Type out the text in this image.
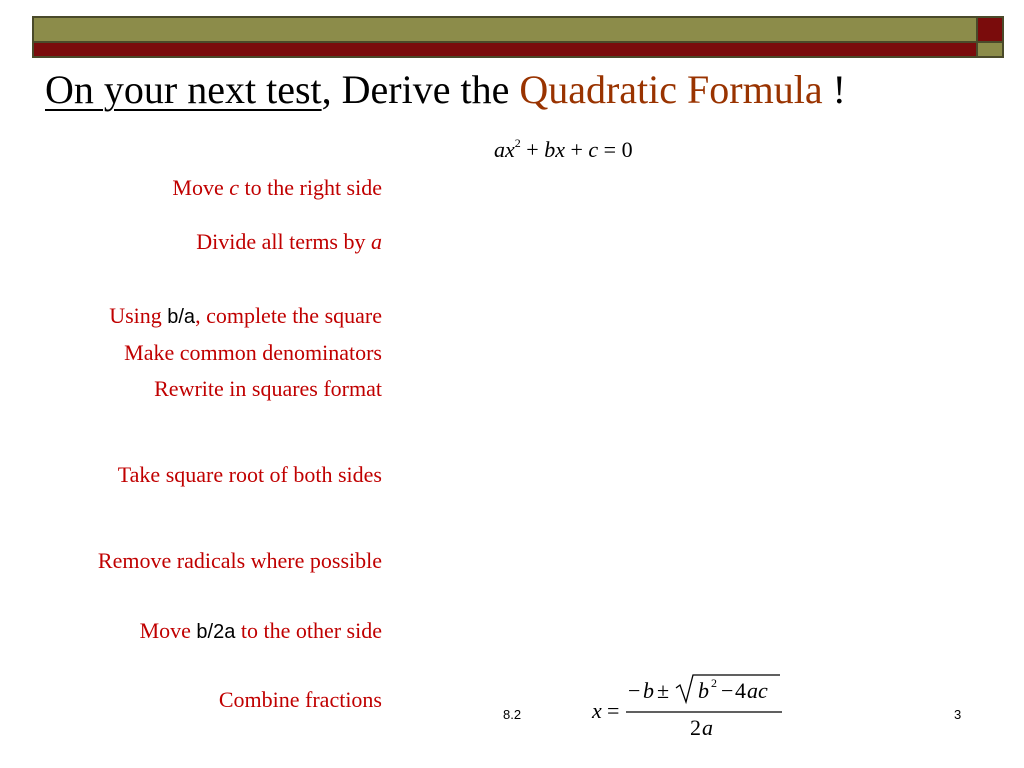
On your next test, Derive the Quadratic Formula !
$ax^2$ + bx + c = 0
Move c to the right side
Divide all terms by a
Using b/a, complete the square
Make common denominators
Rewrite in squares format
Take square root of both sides
Remove radicals where possible
Move b/2a to the other side
Combine fractions	x =
− b ± b 2 − 4 ac
2 a
8.2	3
